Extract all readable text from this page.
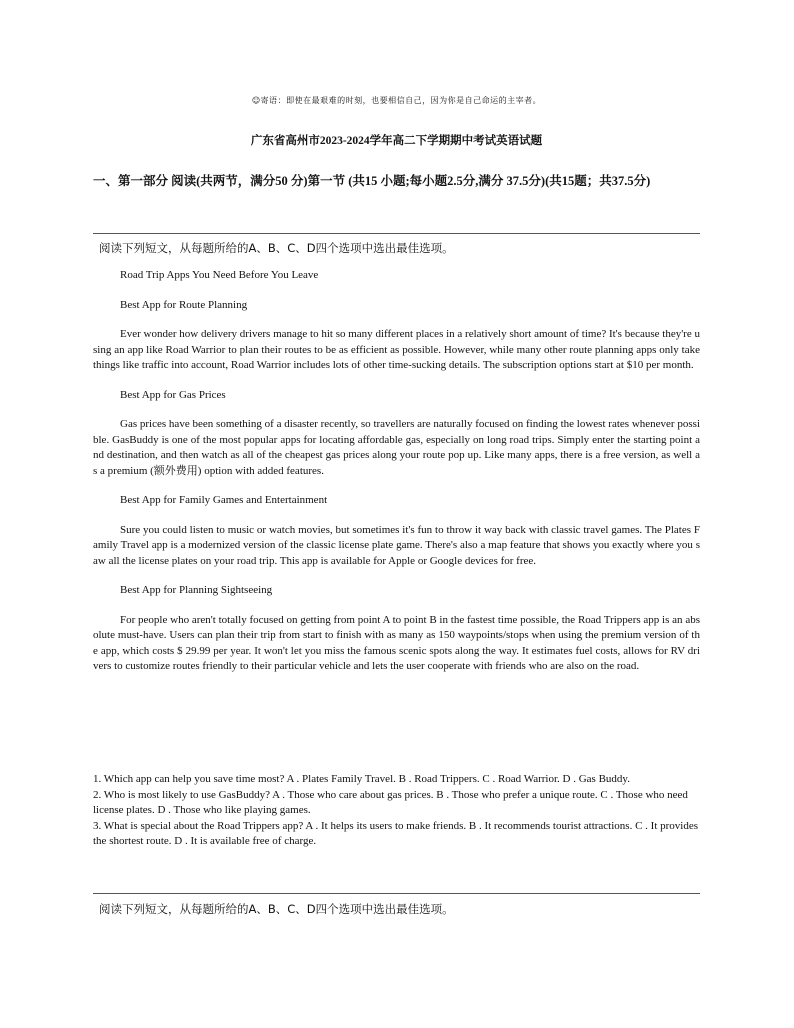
☺寄语：即使在最艰难的时刻，也要相信自己，因为你是自己命运的主宰者。
广东省高州市2023-2024学年高二下学期期中考试英语试题
一、第一部分 阅读(共两节，满分50 分)第一节 (共15 小题;每小题2.5分,满分 37.5分)(共15题；共37.5分)
阅读下列短文，从每题所给的A、B、C、D四个选项中选出最佳选项。

Road Trip Apps You Need Before You Leave

Best App for Route Planning

Ever wonder how delivery drivers manage to hit so many different places in a relatively short amount of time? It's because they're using an app like Road Warrior to plan their routes to be as efficient as possible. However, while many other route planning apps only take things like traffic into account, Road Warrior includes lots of other time-sucking details. The subscription options start at $10 per month.

Best App for Gas Prices

Gas prices have been something of a disaster recently, so travellers are naturally focused on finding the lowest rates whenever possible. GasBuddy is one of the most popular apps for locating affordable gas, especially on long road trips. Simply enter the starting point and destination, and then watch as all of the cheapest gas prices along your route pop up. Like many apps, there is a free version, as well as a premium (额外费用) option with added features.

Best App for Family Games and Entertainment

Sure you could listen to music or watch movies, but sometimes it's fun to throw it way back with classic travel games. The Plates Family Travel app is a modernized version of the classic license plate game. There's also a map feature that shows you exactly where you saw all the license plates on your road trip. This app is available for Apple or Google devices for free.

Best App for Planning Sightseeing

For people who aren't totally focused on getting from point A to point B in the fastest time possible, the Road Trippers app is an absolute must-have. Users can plan their trip from start to finish with as many as 150 waypoints/stops when using the premium version of the app, which costs $ 29.99 per year. It won't let you miss the famous scenic spots along the way. It estimates fuel costs, allows for RV drivers to customize routes friendly to their particular vehicle and lets the user cooperate with friends who are also on the road.

1. Which app can help you save time most? A . Plates Family Travel. B . Road Trippers. C . Road Warrior. D . Gas Buddy.

2. Who is most likely to use GasBuddy? A . Those who care about gas prices. B . Those who prefer a unique route. C . Those who need license plates. D . Those who like playing games.

3. What is special about the Road Trippers app? A . It helps its users to make friends. B . It recommends tourist attractions. C . It provides the shortest route. D . It is available free of charge.

阅读下列短文，从每题所给的A、B、C、D四个选项中选出最佳选项。
